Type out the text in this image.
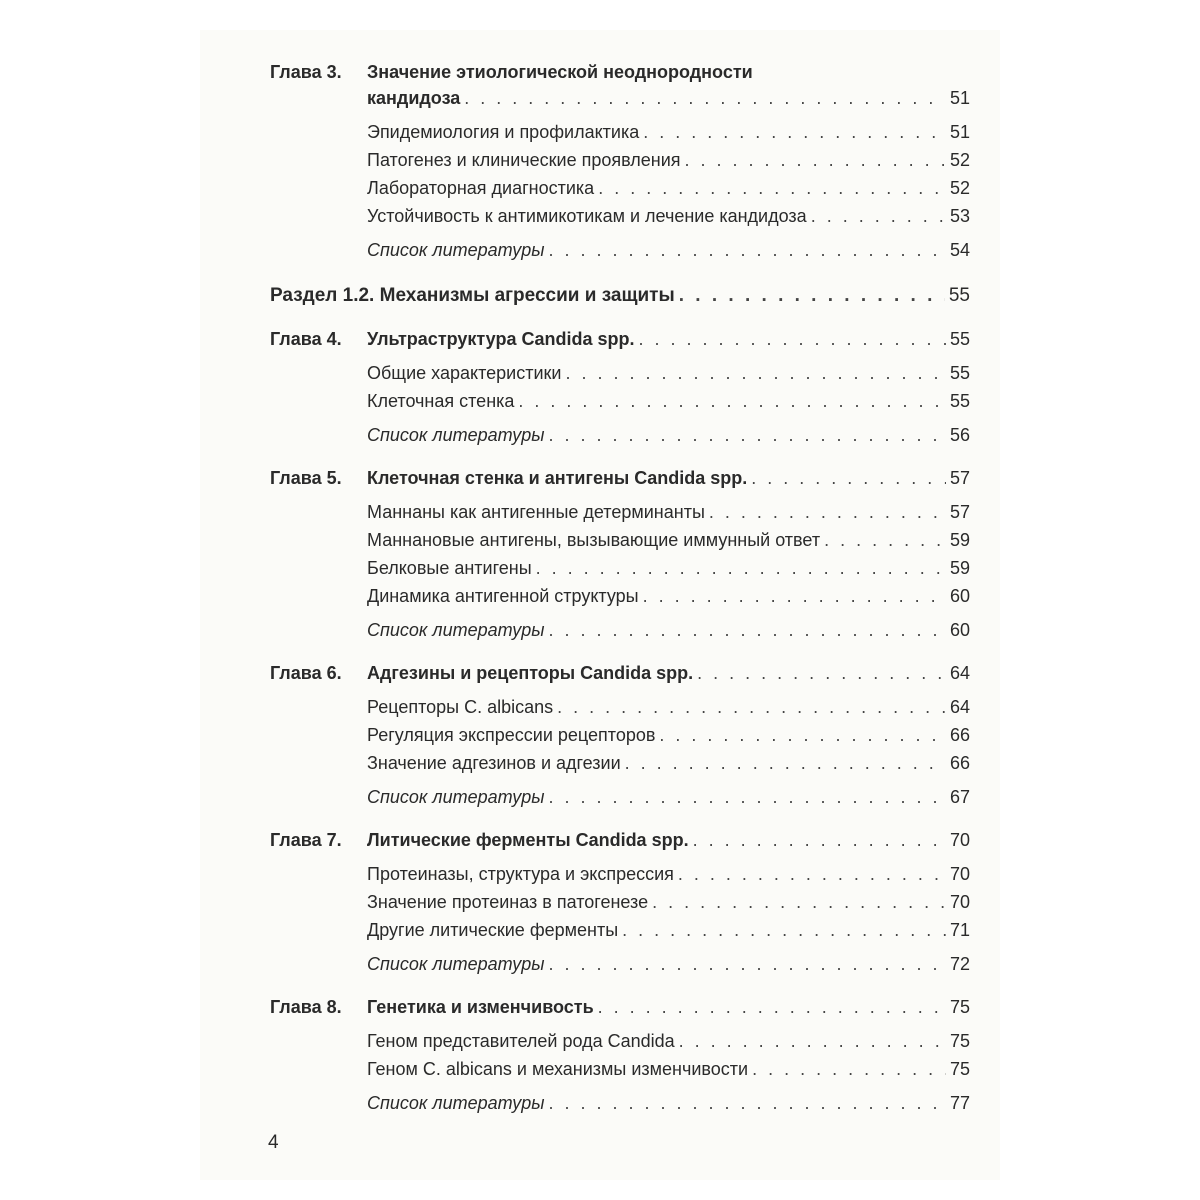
Глава 3.	Значение этиологической неоднородности
кандидоза . . .	51
Эпидемиология и профилактика . . .	51
Патогенез и клинические проявления . . .	52
Лабораторная диагностика . . .	52
Устойчивость к антимикотикам и лечение кандидоза . . .	53
Список литературы . . .	54
Раздел 1.2. Механизмы агрессии и защиты . . .	55
Глава 4.	Ультраструктура Candida spp. . . .	55
Общие характеристики . . .	55
Клеточная стенка . . .	55
Список литературы . . .	56
Глава 5.	Клеточная стенка и антигены Candida spp. . . .	57
Маннаны как антигенные детерминанты . . .	57
Маннановые антигены, вызывающие иммунный ответ . . .	59
Белковые антигены . . .	59
Динамика антигенной структуры . . .	60
Список литературы . . .	60
Глава 6.	Адгезины и рецепторы Candida spp. . . .	64
Рецепторы C. albicans . . .	64
Регуляция экспрессии рецепторов . . .	66
Значение адгезинов и адгезии . . .	66
Список литературы . . .	67
Глава 7.	Литические ферменты Candida spp. . . .	70
Протеиназы, структура и экспрессия . . .	70
Значение протеиназ в патогенезе . . .	70
Другие литические ферменты . . .	71
Список литературы . . .	72
Глава 8.	Генетика и изменчивость . . .	75
Геном представителей рода Candida . . .	75
Геном C. albicans и механизмы изменчивости . . .	75
Список литературы . . .	77
4
